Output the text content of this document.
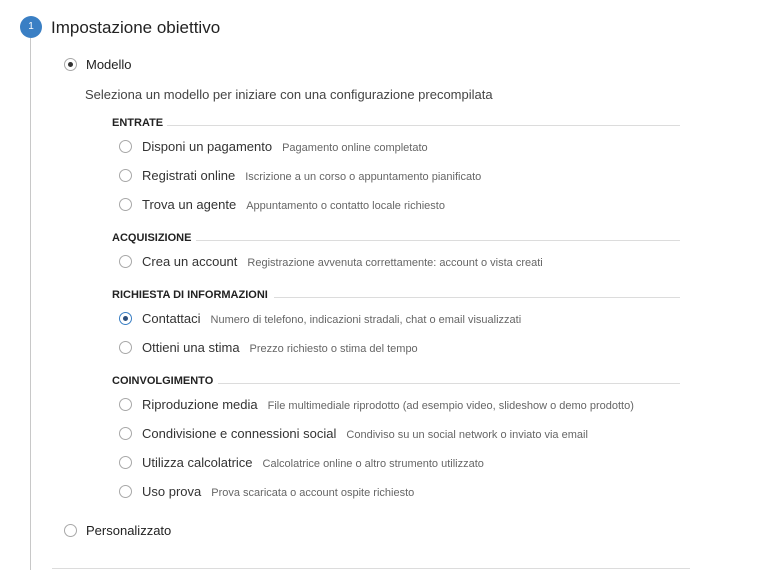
1	Impostazione obiettivo
Modello
Seleziona un modello per iniziare con una configurazione precompilata
ENTRATE
Disponi un pagamento Pagamento online completato
Registrati online Iscrizione a un corso o appuntamento pianificato
Trova un agente Appuntamento o contatto locale richiesto
ACQUISIZIONE
Crea un account Registrazione avvenuta correttamente: account o vista creati
RICHIESTA DI INFORMAZIONI
Contattaci Numero di telefono, indicazioni stradali, chat o email visualizzati
Ottieni una stima Prezzo richiesto o stima del tempo
COINVOLGIMENTO
Riproduzione media File multimediale riprodotto (ad esempio video, slideshow o demo prodotto)
Condivisione e connessioni social Condiviso su un social network o inviato via email
Utilizza calcolatrice Calcolatrice online o altro strumento utilizzato
Uso prova Prova scaricata o account ospite richiesto
Personalizzato
